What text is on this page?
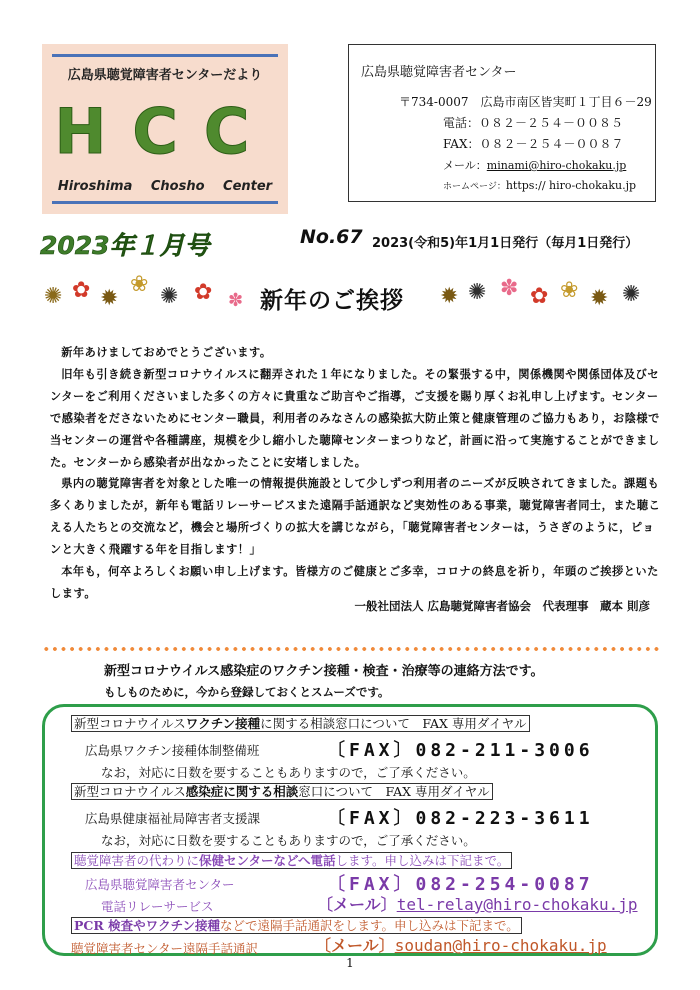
広島県聴覚障害者センターだより
HCC
Hiroshima Chosho Center
広島県聴覚障害者センター
〒734-0007　広島市南区皆実町１丁目６－29
電話：０８２－２５４－００８５
FAX：０８２－２５４－００８７
メール：minami@hiro-chokaku.jp
ホームページ：https:// hiro-chokaku.jp
2023年１月号	No.67 2023(令和5)年1月1日発行（毎月1日発行）
✺ ✿ ✹
❀ ✺ ✿ ✽ 新年のご挨拶 ✹ ✺ ✽ ✿ ❀ ✹ ✺

新年あけましておめでとうございます。

旧年も引き続き新型コロナウイルスに翻弄された１年になりました。その緊張する中，関係機関や関係団体及びセンターをご利用くださいました多くの方々に貴重なご助言やご指導，ご支援を賜り厚くお礼申し上げます。センターで感染者をださないためにセンター職員，利用者のみなさんの感染拡大防止策と健康管理のご協力もあり，お陰様で当センターの運営や各種講座，規模を少し縮小した聴障センターまつりなど，計画に沿って実施することができました。センターから感染者が出なかったことに安堵しました。

県内の聴覚障害者を対象とした唯一の情報提供施設として少しずつ利用者のニーズが反映されてきました。課題も多くありましたが，新年も電話リレーサービスまた遠隔手話通訳など実効性のある事業，聴覚障害者同士，また聴こえる人たちとの交流など，機会と場所づくりの拡大を講じながら，「聴覚障害者センターは，うさぎのように，ピョンと大きく飛躍する年を目指します！」

本年も，何卒よろしくお願い申し上げます。皆様方のご健康とご多幸，コロナの終息を祈り，年頭のご挨拶といたします。

一般社団法人 広島聴覚障害者協会　代表理事　蔵本 則彦
新型コロナウイルス感染症のワクチン接種・検査・治療等の連絡方法です。
もしものために，今から登録しておくとスムーズです。
新型コロナウイルスワクチン接種に関する相談窓口について　FAX 専用ダイヤル
広島県ワクチン接種体制整備班	〔FAX〕082-211-3006
なお，対応に日数を要することもありますので，ご了承ください。
新型コロナウイルス感染症に関する相談窓口について　FAX 専用ダイヤル
広島県健康福祉局障害者支援課	〔FAX〕082-223-3611
なお，対応に日数を要することもありますので，ご了承ください。
聴覚障害者の代わりに保健センターなどへ電話します。申し込みは下記まで。
広島県聴覚障害者センター	〔FAX〕082-254-0087
電話リレーサービス	〔メール〕tel-relay@hiro-chokaku.jp
PCR 検査やワクチン接種などで遠隔手話通訳をします。申し込みは下記まで。
聴覚障害者センター遠隔手話通訳	〔メール〕soudan@hiro-chokaku.jp
1
